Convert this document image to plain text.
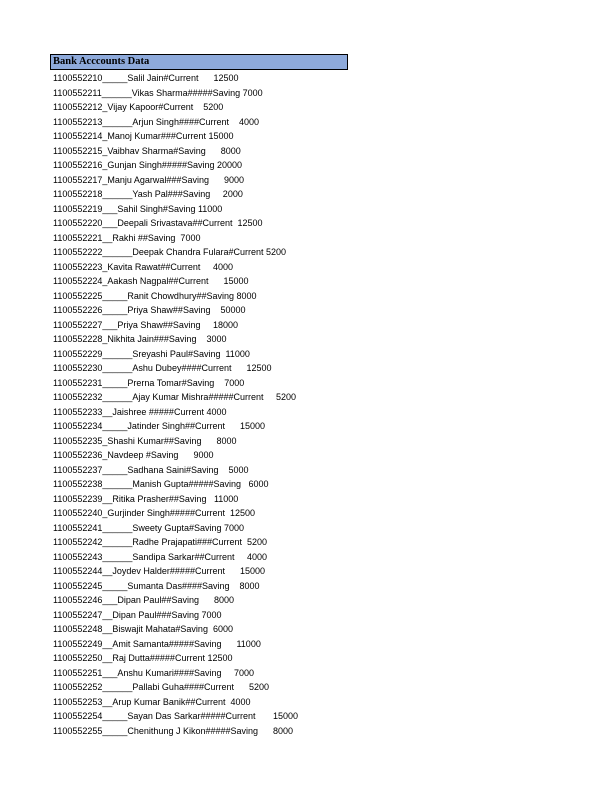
Bank Acccounts Data
1100552210_____Salil Jain#Current      12500
1100552211______Vikas Sharma#####Saving 7000
1100552212_Vijay Kapoor#Current    5200
1100552213______Arjun Singh####Current    4000
1100552214_Manoj Kumar###Current 15000
1100552215_Vaibhav Sharma#Saving      8000
1100552216_Gunjan Singh#####Saving 20000
1100552217_Manju Agarwal###Saving      9000
1100552218______Yash Pal###Saving     2000
1100552219___Sahil Singh#Saving 11000
1100552220___Deepali Srivastava##Current  12500
1100552221__Rakhi ##Saving  7000
1100552222______Deepak Chandra Fulara#Current 5200
1100552223_Kavita Rawat##Current     4000
1100552224_Aakash Nagpal##Current      15000
1100552225_____Ranit Chowdhury##Saving 8000
1100552226_____Priya Shaw##Saving    50000
1100552227___Priya Shaw##Saving     18000
1100552228_Nikhita Jain###Saving    3000
1100552229______Sreyashi Paul#Saving  11000
1100552230______Ashu Dubey####Current      12500
1100552231_____Prerna Tomar#Saving    7000
1100552232______Ajay Kumar Mishra#####Current     5200
1100552233__Jaishree #####Current 4000
1100552234_____Jatinder Singh##Current      15000
1100552235_Shashi Kumar##Saving      8000
1100552236_Navdeep #Saving      9000
1100552237_____Sadhana Saini#Saving    5000
1100552238______Manish Gupta#####Saving   6000
1100552239__Ritika Prasher##Saving   11000
1100552240_Gurjinder Singh#####Current  12500
1100552241______Sweety Gupta#Saving 7000
1100552242______Radhe Prajapati###Current  5200
1100552243______Sandipa Sarkar##Current     4000
1100552244__Joydev Halder#####Current      15000
1100552245_____Sumanta Das####Saving    8000
1100552246___Dipan Paul##Saving      8000
1100552247__Dipan Paul###Saving 7000
1100552248__Biswajit Mahata#Saving  6000
1100552249__Amit Samanta#####Saving      11000
1100552250__Raj Dutta#####Current 12500
1100552251___Anshu Kumari####Saving     7000
1100552252______Pallabi Guha####Current      5200
1100552253__Arup Kumar Banik##Current  4000
1100552254_____Sayan Das Sarkar#####Current       15000
1100552255_____Chenithung J Kikon#####Saving      8000
